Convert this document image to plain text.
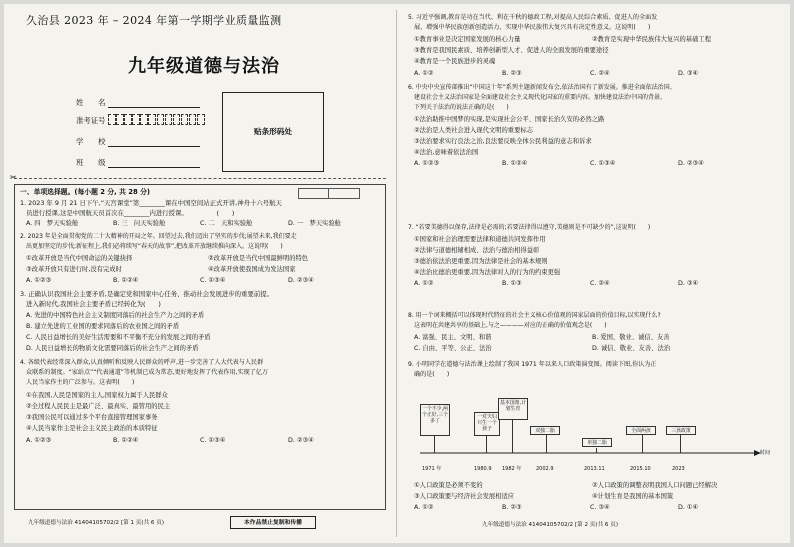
久治县 2023 年 – 2024 年第一学期学业质量监测
九年级道德与法治
姓　　名
准考证号
学　　校
班　　级
贴条形码处
✂
一、单项选择题。(每小题 2 分, 共 28 分)
1. 2023 年 9 月 21 日下午,“天宫课堂”第________课在中国空间站正式开讲,神舟十六号航天
员进行授课,这是中国航天员首次在________内进行授课。　　　　　(　　)
A. 四　梦天实验舱	B. 三　问天实验舱	C. 二　天和实验舱	D. 一　梦天实验舱
2. 2023 年是全面贯彻党的二十大精神的开局之年。回望过去,我们迈出了坚实的步伐;展望未来,我们要走
出更加坚定的步伐;新征程上,我们必将续写“春天的故事”,把改革开放继续推向深入。这说明(　　)
①改革开放是当代中国命运的关键抉择	②改革开放是当代中国最鲜明的特色
③改革开放只有进行时,没有完成时	④改革开放使我国成为发达国家
A. ①②③	B. ①②④	C. ①③④	D. ②③④
3. 正确认识我国社会主要矛盾,是确定党和国家中心任务、推动社会发展进步的重要前提。
进入新时代,我国社会主要矛盾已经转化为(　　)
A. 先进的中国特色社会主义制度同落后的社会生产力之间的矛盾
B. 建立先进的工业国的要求同落后的农业国之间的矛盾
C. 人民日益增长的美好生活需要和不平衡不充分的发展之间的矛盾
D. 人民日益增长的物质文化需要同落后的社会生产之间的矛盾
4. 各级代表经常深入群众,认真倾听和反映人民群众的呼声,进一步完善了人大代表与人民群
众联系的制度。“家站点”“代表通道”等机制已成为常态,更好地发挥了代表作用,实现了亿万
人民当家作主的广泛参与。这表明(　　)
①在我国,人民是国家的主人,国家权力属于人民群众
②全过程人民民主是最广泛、最真实、最管用的民主
③我国公民可以通过多个平台直接管理国家事务
④人民当家作主是社会主义民主政治的本质特征
A. ①②③	B. ①②④	C. ①③④	D. ②③④
九年级道德与法治 41404105702/2 [第 1 页(共 6 页)	本作品禁止复制和传播
5. 习近平强调,教育是功在当代、利在千秋的德政工程,对提高人民综合素质、促进人的全面发
展、增强中华民族创新创造活力、实现中华民族伟大复兴具有决定性意义。这说明(　　)
①教育事业是决定国家发展的核心力量	②教育是实现中华民族伟大复兴的基础工程
③教育是我国民素质、培养创新型人才、促进人的全面发展的重要途径
④教育是一个民族进步的灵魂
A. ①②	B. ②③	C. ②④	D. ③④
6. 中央中央宣传部推出“中国这十年”系列主题新闻发布会,依法治国有了新发展。推进全面依法治国、
建设社会主义法治国家是全面建设社会主义现代化国家的重要内容。加快建设法治中国的背景、
下列关于法治的说法正确的是(　　)
①法治助推中国梦的实现,是实现社会公平、国家长治久安的必然之路
②法治是人类社会进入现代文明的重要标志
③法治要求实行良法之治,良法要反映全体公民利益的意志和诉求
④法治,意味着依法治国
A. ①②③	B. ①②④	C. ①③④	D. ②③④
7. “若要美德得以保存,法律是必需的;若要法律得以遵守,美德则是不可缺少的”,这说明(　　)
①国家和社会治理需要法律和道德共同发挥作用
②法律与道德相辅相成、法治与德治相得益彰
③德治依法治更重要,因为法律是社会的基本规则
④法治比德治更重要,因为法律对人的行为的约束更强
A. ①②	B. ①③	C. ②④	D. ③④
8. 用一个词来概括可以体现时代特征的社会主义核心价值观的国家层面的价值目标,以实现什么?
这表明在共建共享的基础上,与之————对应的正确的价值观念是(　　)
A. 富强、民主、文明、和谐	B. 爱国、敬业、诚信、友善
C. 自由、平等、公正、法治	D. 诚信、敬业、友善、法治
9. 小明同学在道德与法治课上绘制了我国 1971 年以来人口政策演变图。阅读下图,你认为正
确的是(　　)
时间
一个不少,两个正好,三个多了
一对夫妇只生一个孩子
基本国策,计划生育
双独二胎
单独二胎
全面两孩	三孩政策
1971 年	1980.9 1982 年	2002.9	2013.11	2015.10	2023
①人口政策是必须不变的	②人口政策的调整表明我国人口问题已经解决
③人口政策要与经济社会发展相适应	④计划生育是我国的基本国策
A. ①②	B. ②③	C. ③④	D. ①④
九年级道德与法治 41404105702/2 [第 2 页(共 6 页)
